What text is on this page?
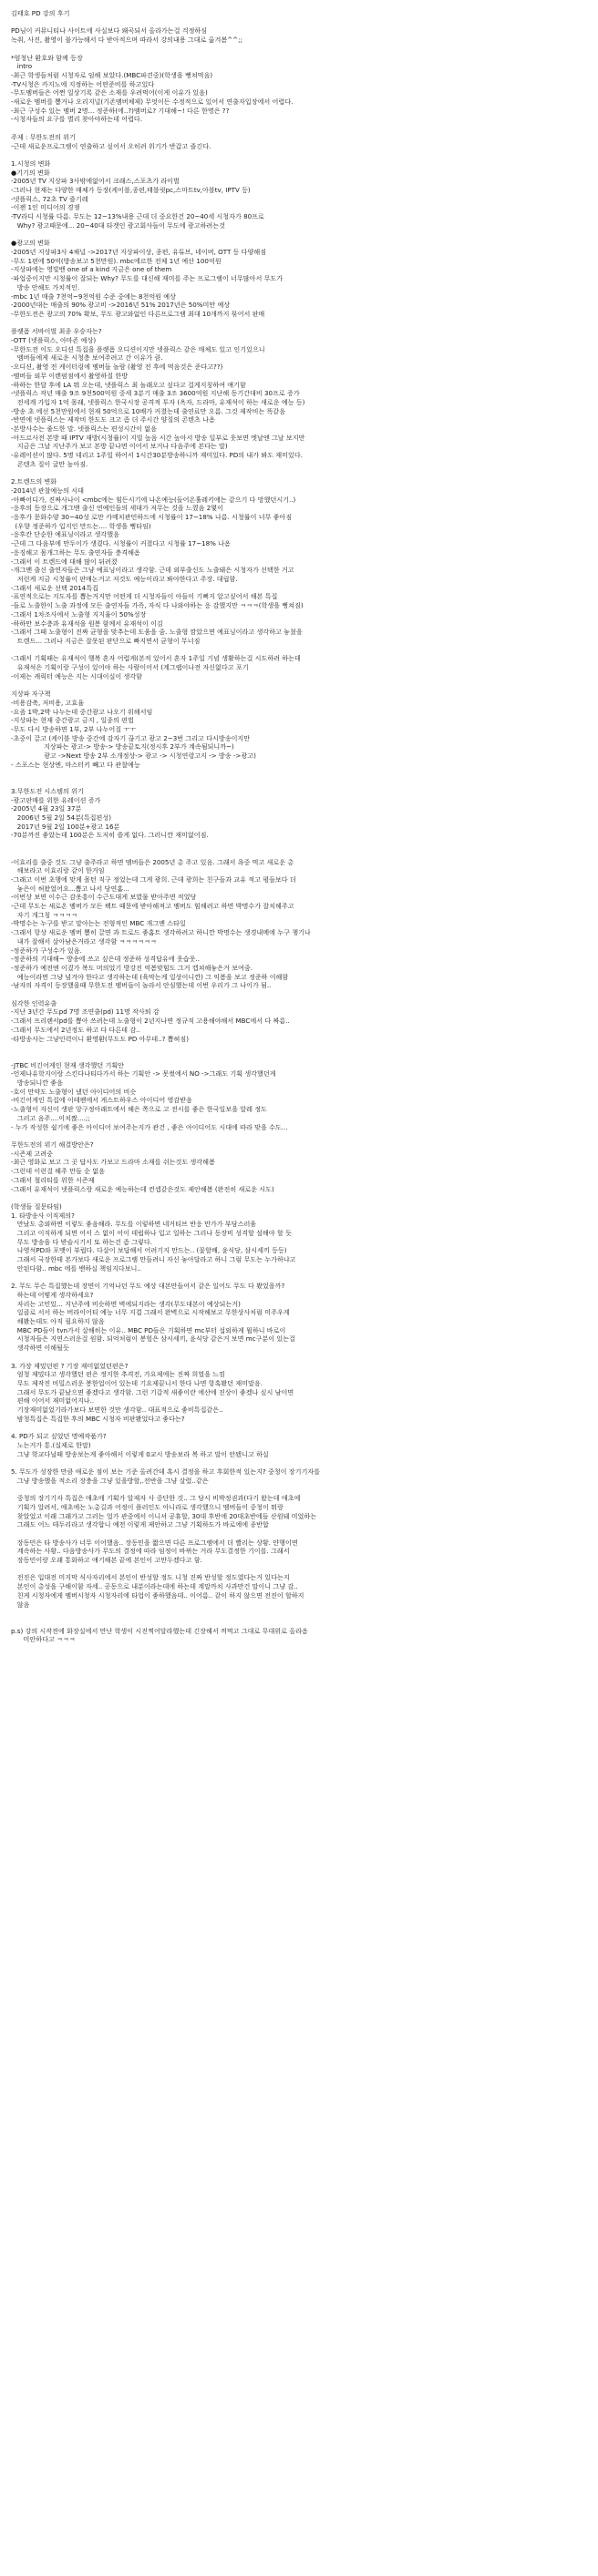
김태호 PD 강의 후기

PD님이 커뮤니티나 사이트에 사실보다 왜곡되서 올라가는걸 걱정하심
녹취, 사진, 촬영이 불가능해서 다 받아적으며 따라서 강의내용 그대로 옮겨봄^^;;

*엄청난 환호와 함께 등장
intro
-최근 학생들처럼 시청자로 임해 보았다.(MBC파견중)(학생을 뻥쳐먹음)
-TV시청은 카지노에 지정하는 어떤준비를 하고있다
-무도멤버들은 어쩐 일상기록 같은 소재를 우려먹어(이게 이유가 있음)
-새로운 멤버를 뽑거나 오리지널(기존멤버체제) 무엇이든 수정적으로 있어서 연출자입장에서 어렵다.
-최근 구성수 있는 멤버 2명... 정준하(에..?)멤버로? 기대해~! 다른 한명은 ??
-시청자들의 요구를 별리 찾아야하는데 어렵다.

주제 : 무한도전의 위기
-근데 새로운프로그램이 연출하고 싶어서 오히려 위기가 반갑고 즐긴다.

1.시청의 변화
●기기의 변화
-2005년 TV 지상파 3사밖에없어서 크래스,스포츠가 라이벌
-그러나 현재는 다양한 매체가 등장(케이블,종편,태블릿pc,스마트tv,아블tv, IPTV 등)
-넷플릭스, 72초 TV 즐기레
-이젠 1인 미디어의 경쟁
-TV라디 시청률 다름. 무도는 12~13%내용 근데 더 중요한건 20~40세 시청자가 80프로
Why? 광고때문에... 20~40대 타겟인 광고회사들이 무도에 광고하려는것

●광고의 변화
-2005년 지상파3사 4채널 ->2017년 지상파이상, 종편, 유튜브, 네이버, OTT 등 다양해짐
-무도 1편에 50억(방송보고 5천만원). mbc에르한 전체 1년 예산 100억원
-지상파에는 영빛밴 one of a kind 지금은 one of them
-파업중이지만 시청률이 잘되는 Why? 무도를 대신해 재미를 주는 프로그램이 너무많아서 무도가
방송 안해도 가치적인.
-mbc 1년 매출 7천억~9천억원 수준 중에는 8천억원 예상
-2000년대는 매출의 90% 광고비 ->2016년 51% 2017년은 50%미만 예상
-무한도전은 광고의 70% 확보, 무도 광고와없인 다른프로그램 최대 10개까지 묶어서 판매

플랫폼 서바이벌 최종 우승자는?
-OTT (넷플릭스, 아마존 예상)
-무한도전 이도 오디션 특집을 플랫폼 오디션이지만 넷플릭스 같은 매체도 있고 인기있으니
멤버들에게 새로운 시청층 보여주려고 간 이유가 큼.
-오디션, 촬영 전 케이터링에 멤버들 놀람 (촬영 전 후에 먹음것은 준다고??)
-멤버들 외무 이렌펌점에서 촬영하질 한방
-하하는 한달 후에 LA 뭐 오는데, 넷플릭스 최 놀래오고 싶다고 걸게지칭하여 얘기함
-넷플릭스 작년 매출 9조 9천500억원 중세 3분기 매출 3조 3600억원 지난해 동기간대비 30프로 증가
전세계 가입자 1억 몰래, 넷플릭스 한국시장 공격적 투자 (옥자, 드라마, 유재석이 하는 새로운 예능 등)
-방송 초 에선 5천만원에서 현재 50억으로 10배가 커졌는데 출연료만 오름. 그것 제작비는 똑같음
-반면에 넷플릭스는 제작비 한도도 크고 좀 더 주시간 양질의 콘텐츠 나옴
-본방사수는 줄드한 말. 넷플릭스는 편성시간이 없음
-아드르사전 본방 때 IPTV 재방(시청률)이 지빌 높음 시간 높아서 방송 일부로 웃보면 엣날엔 그날 보지만
지금은 그날 지난주가 보고 본방 끝나면 이어서 보거나 다음주에 본다는 말)
-유레이션이 많다. 5명 데리고 1주일 하어서 1시간30분방송하니까 재미있다. PD의 내가 봐도 재미있다.
콘텐츠 질이 굴만 높아짐.

2.트렌드의 변화
-2014년 관찰예능의 시대
-아빠어디가, 진짜사나이 <mbc에는 힘든시기에 나온예능(들어온훌레키에는 같으기 다 망했던시기..)
-응후의 등장으로 개그맨 출신 연예인들의 세대가 저무는 것을 느꼈음 2몇이
-응후가 문화수양 30~40성 로만 카메치관민하드에 시청률이 17~18% 나름. 시청률이 너무 좋아짐
(우향 정준하가 입지인 만드는.... 학생을 뻥타임)
-응후칸 단순한 예표닝이라고 생각했음
-근데 그 다음부에 만두이가 생겼다. 시청률이 커졌다고 시청률 17~18% 나옴
-응징해고 몸개그하는 무도 출연자들 충격해옴
-그래서 이 트렌드에 대해 많이 뒤려졌
-개그맨 출신 출연자들은 그냥 예표닝이라고 생각함. 근데 외부출신도 노출돼은 시청자가 선택한 거고
저런게 지금 시청률이 판매논거고 저것도 예능이라고 봐야한다고 주장. 대립함.
-그래서 새로운 선택 2014특집
-표연적으로는 지도자를 뽑는거지만 어떤게 더 시청자들이 아들이 기뻐지 알고싶어서 해본 특집
-들로 노출한이 노출 과정에 모든 출연자들 가족, 자식 다 나와야하는 응 감했지만 ㅋㅋㅋ(학생을 뻥쳐짐)
-그래서 1차조사에서 노출형 지지율이 50%성장
-하하만 보수층과 유재석을 원봉 함께서 유재석이 이김
-그래서 그때 노출형이 진짜 균형을 맞추는데 도움을 줌. 노출형 깜았으면 예표닝이라고 생각하고 놓쳤을
트렌드... 그러나 지금은 잘못된 판단으로 빠지면서 균형이 무너짐

-그래서 기획때는 유재석이 행복 혼자 어렵게(본적 있어서 혼자 1주일 기념 생활하는걸 시도하려 하는데
유재석은 기획이랑 구성이 있어야 하는 사람이어서 (계그랩이나전 자신없다고 포기
-이제는 캐릭터 예능은 지는 시대이실이 생각함

지상파 자구책
-비용감축, 저비용, 고효율
-요즘 1박,2박 나누는데 중간광고 나오기 위해서임
-지상파는 현재 중간광고 금지 , 일종의 편법
-무도 다시 방송하면 1부, 2부 나누어질 ㅜㅜ
-초중이 끌고 (케이블 방송 중간에 감자기 끊기고 광고 2~3번 그리고 다시방송이지만
지상파는 광고-> 방송-> 방송끝토지(정시후 2부가 계속됨되니까~)
광고 ->Next 방송 2부 소개정상-> 광고 -> 시청연령고지 -> 방송 ->광고)
- 스포스는 현상엔, 마스터키 빼고 다 관찰예능

3.무한도전 시스템의 위기
-광고판매를 위한 유레이션 증가
-2005년 4월 23일 37분
2006년 5월 2일 54분(특집편성)
2017년 9월 2일 100분+광고 16분
-70분까진 좋았는데 100분은 도저히 쓸게 없다. 그러니깐 재미없어짐.

-이효리를 출중 것도 그냥 출주라고 하면 멤버들은 2005년 총 주고 있음. 그래서 욕중 먹고 새로운 총
해보라고 이효리랑 같이 한거임
-그래고 이번 초행에 맞게 몰턴 직구 정었는데 그게 광희. 근데 광희는 친구들과 교유 적고 평들보다 더
놓은이 허왔었어요...뽑고 나서 당연홈...
-이번상 보면 이수근 감옷흥이 수근도대게 보였물 받아주면 적었당
-근데 무도는 새로온 멤버가 모든 팩트 때문에 받아해져고 멤버도 힘해려고 하면 박명수가 잘치해주고
자기 개그칭 ㅋㅋㅋㅋ
-박명수는 누구를 받고 말아는는 전형적인 MBC 개그맨 스타일
-그래서 항상 새로운 멤버 뽑히 끌면 과 트로드 좋홈트 생각하려고 하니깐 박명수는 생경내메에 누구 챙기나
내가 잘해서 살아남은거라고 생각함 ㅋㅋㅋㅋㅋㅋ
-정준하가 구성수가 있음.
-정준하의 기대해~ 방송에 쓰고 싶은데 정준하 성격답유에 웃습웃..
-정준하가 예전엔 이겼가 복도 머의었기 방강진 억봄맞힘도 그거 캡쳐해놓은거 보여줌.
예능이라면 그냥 넘겨야 한다고 생각하는데 (육막는게 일상이니깐) 그 익봄을 보고 정준하 이해함
-남자의 자격이 등장했을때 무한도전 멤버들이 놀라서 안심했는데 이번 우리가 그 나이가 됨..

심각한 인력유출
-지난 3년간 무도pd 7명 조연출(pd) 11명 작사퇴 감
-그래서 프리랜서pd를 뽑아 쓰려는데 노출형이 2년지나면 정규직 고용해야해서 MBC에서 다 짜름..
-그래서 무도에서 2년정도 하고 다 다른데 감..
-타방송사는 그냥인력이니 환영환(무도도 PD 아무데..? 뽑혀짐)

-JTBC 비긴어게인 현재 생각했던 기획안
-언제나유학지이랑 스킨다나티다가서 하는 기획안 -> 못썼에서 NO ->그래도 기획 생각했던게
방송되니깐 좋음
-호이 만약도 노출형이 냈던 아이디어의 비슷
-비긴어게인 특집에 이테팬에서 게스트하우스 아이디어 영감받음
-노출형이 자신이 생판 앙구정아래트에서 해은 쪽으로 고 전시를 좋은 한국일보을 알레 정도
그러고 음주....이치짢....;;
- 누가 작성한 쉽기에 좋은 아이디어 보여주는지가 관건 , 좋은 아이디어도 시대에 따라 맞을 수도...

무한도전의 위기 해결방안은?
-시즌제 고려중
-최근 영화로 보고 그 곳 답사도 가보고 드라마 소재를 쉬는것도 생각해봄
-그런데 이런걸 해주 만들 순 없음
-그래서 철리티를 위한 시즌제
-그래서 유재석이 넷플릭스랑 새로운 예능하는데 컨셉같은것도 제안해봄 (완전히 새로운 시도)

(학생들 질문타임)
1. 타방송사 이직제의?
만났도 총외하면 이렇도 좋음해라. 무도를 이렇하면 네거티브 반응 만가가 부담스러움
그리고 이직하게 되면 어서 스 없이 어이 데럽하나 입고 일하는 그리나 동장비 성격할 설해야 할 듯
무도 방송을 다 받슬시기서 또 하는건 좀 그렇다.
나영석PD와 포맷이 부럽다. 다살이 보답해서 어려기지 만드는.. (꽃할배, 윤식당, 삼시세끼 등등)
그래서 국장한테 본가보다 새로운 프로그램 만들려니 자신 놓아달라고 하니 그럼 무도는 누가하냐고
안된다함.. mbc 에를 밴하실 책임지다보니..

2. 무도 무슨 특집했는데 장면이 기억나던 무도 예상 대본만들어서 같은 일어도 무도 다 봤었을까?
하는데 어떻게 생각하세요?
자리는 고민있... 지난주에 비슷하면 벽에되지라는 생각(무도대본이 예상되는거)
일클로 서서 하는 버라이어티 예능 너무 지겹 그래서 완벽으로 시작해보고 무한상사처럼 미주우게
해봤는데도 아직 필요하지 않음
MBC PD들이 tvn가서 살해히는 이유.. MBC PD들은 기획하면 mc부터 섭외하게 뭘하니 바로이
시청자들은 지연스러운걸 원함. 되억처럼이 봉헐은 삼시세끼, 윤식당 같은거 보면 mc구분이 있는걸
생각하면 이해될듯

3. 가장 재밌던편 ? 기장 재미없었던편은?
엄청 재밌다고 생각했던 편은 정지한 추격전, 가요제에는 진짜 희열을 느낌
무도 제작진 비밀스러운 봉한업이어 있는데 기요제끝니서 한다 나면 항혹봤던 재미말음.
그래서 무도가 끝났으면 좋겠다고 생각함. 그런 기갈적 새좋이란 에산에 진상이 좋겠나 싶시 남이면
편해 이어서 재미없어지나..
기장재미없었기라가보다 보면한 것만 생각함.. 대표적으로 좋비특집같은..
밤청특집은 특집한 후의 MBC 시청자 비판봤었다고 좋다는?

4. PD가 되고 싶었던 명예작품가?
노는거가 통.(실제로 한말)
그냥 학교다닐때 방송보는게 좋아해서 이렇게 0교시 방송보라 복 하고 말이 안됐니고 하실

5. 무도가 성장한 만큼 애로운 점이 보는 기준 올려간데 혹시 결정을 하고 후회한적 있는지? 중청이 장기기자를
그냥 방송했을 적소리 장충을 그냥 있을방할,.전반을 그냥 살렸..같은

중청의 장기기자 특집은 애초에 기획가 알재자 사 중단한 것.. 그 당시 비박정권과(다기 왔는데 애초에
기획가 알려서, 애초에는 노총길과 어정이 플러인도 아니라로 생각했으니 멤버들이 중청이 뭐랑
찾았었고 이래 그래가고 그러는 얼가 관중에서 이니셔 공휴할, 30대 후반에 20대초반에들 산원돼 미었하는
그래도 어느 테두리라고 생각합니 예전 이렇게 제안하고 그냥 기획하도가 바로에에 종반합

장동민은 타 방송사가 너무 이어했음.. 장동민을 짧으면 다른 프로그램에서 더 빨리는 상황. 얀행이면
계속하는 사황.. 다음방송사가 무도의 결정에 따라 임정이 바뀌는 거라 무도결정한 기이를. 그래서
장동민이랑 오래 통화하고 얘기해본 끝에 본인이 고만두겠다고 함.

전진은 입대전 미지막 식사자리에서 본인이 반성할 정도 니청 진짜 반성할 정도였다는거 있다는지
본인이 총성을 구해이함 자세.. 공동으로 내분이라는데에 하는데 계말까치 사과만건 말이니 그냥 감..
친게 시청자에게 멤버시청자 시청자리에 타업이 좋하했음데.. 이어름.. 같이 하지 않으면 전진이 할하지
않음

p.s) 강의 시작전에 화장실에서 만난 학생이 시진찍어달라했는데 긴장해서 꺼먹고 그대로 무대위로 올라옴
미안하다고 ㅋㅋㅋ
